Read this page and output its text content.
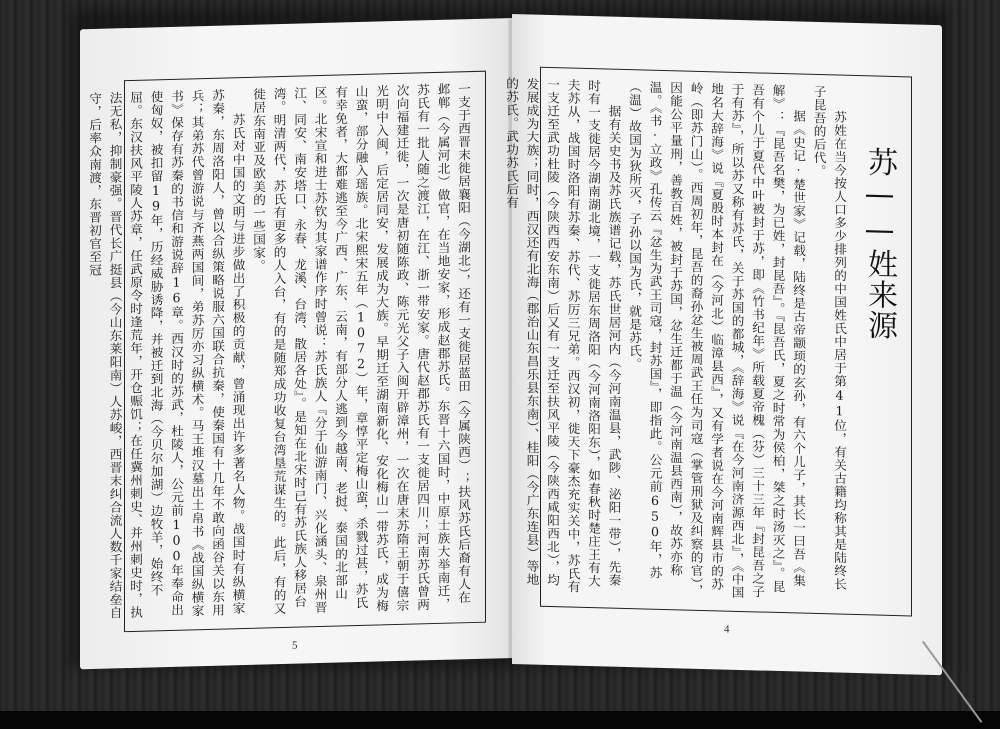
一支于西晋末徙居襄阳（今湖北），还有一支徙居蓝田（今属陕西）；扶风苏氏后裔有人在邺郸（今属河北）做官，在当地安家，形成赵郡苏氏。东晋十六国时，中原士族大举南迁，苏氏有一批人随之渡江，在江、浙一带安家。唐代赵郡苏氏有一支徙居四川；河南苏氏曾两次向福建迁徙，一次是唐初随陈政、陈元光父子入闽开辟漳州，一次在唐末苏隋王朝于僖宗光明中入闽，后定居同安，发展成为大族。早期迁至湖南新化、安化梅山一带苏氏，成为梅山蛮，部分融入瑶族。北宋熙宋五年（1072）年，章惇平定梅山蛮，杀戮过甚，苏氏有幸免者，大都难逃至今广西、广东、云南，有部分人逃到今越南、老挝、泰国的北部山区。北宋宣和进士苏钦为其家谱作序时曾说：苏氏族人『分于仙游南门、兴化涵头、泉州晋江、同安、南安塔口、永春、龙溪、台湾、散居各处』。是知在北宋时已有苏氏族人移居台湾。明清两代，苏氏有更多的人入台，有的是随郑成功收复台湾垦荒谋生的。此后，有的又徙居东南亚及欧美的一些国家。

苏氏对中国的文明与进步做出了积极的贡献，曾涌现出许多著名人物。战国时有纵横家苏秦，东周洛阳人，曾以合纵策略说服六国联合抗秦，使秦国有十几年不敢向函谷关以东用兵；其弟苏代曾游说与齐燕两国间，弟苏厉亦习纵横术。马王堆汉墓出土帛书《战国纵横家书》保存有苏秦的书信和游说辞16章。西汉时的苏武，杜陵人，公元前100年奉命出使匈奴，被扣留19年，历经威胁诱降，并被迁到北海（今贝尔加湖）边牧羊，始终不屈。东汉扶风平陵人苏章，任武原令时逢荒年，开仓赈饥；在任冀州刺史、并州刺史时，执法无私，抑制豪强。晋代长广挺县（今山东莱阳南）人苏峻，西晋末纠合流人数千家结垒自守，后率众南渡，东晋初官至冠

5
苏——姓来源

苏姓在当今按人口多少排列的中国姓氏中居于第41位，有关古籍均称其是陆终长子昆吾的后代。

据《史记·楚世家》记载，陆终是古帝颛顼的玄孙，有六个儿子，其长一曰吾《集解》：『昆吾名樊，为已姓，封昆吾』。『昆吾氏，夏之时常为侯柏，桀之时汤灭之』。昆吾有个儿于夏代中叶被封于苏，即《竹书纪年》所载夏帝槐（芬）三十三年『封昆吾之子于有苏』，所以苏又称有苏氏，关于苏国的都城，《辞海》说『在今河南济源西北』，《中国地名大辞海》说『夏殷时本封在（今河北）临漳县西』，又有学者说在今河南辉县市的苏岭（即苏门山）。西周初年，昆吾的裔孙忿生被周武王任为司寇（掌管刑狱及纠察的官），因能公平量刑，善教百姓，被封于苏国，忿生迁都于温（今河南温县西南），故苏亦称温。《书·立政》孔传云『忿生为武王司寇，封苏国』，即指此。公元前650年，苏（温）故国为狄所灭，子孙以国为氏，就是苏氏。

据有关史书及苏氏族谱记载，苏氏世居河内（今河南温县，武陟、泌阳一带），先秦时有一支徙居今湖南湖北境，一支徙居东周洛阳（今河南洛阳东），如春秋时楚庄王有大夫苏从，战国时洛阳有苏秦、苏代、苏厉三兄弟。西汉初，徙天下豪杰充实关中，苏氏有一支迁至武功杜陵（今陕西西安东南）后又有一支迁至扶风平陵（今陕西咸阳西北），均发展成为大族；同时，西汉还有北海（郡治山东昌乐县东南）、桂阳（今广东连县）等地的苏氏。武功苏氏后有

4
